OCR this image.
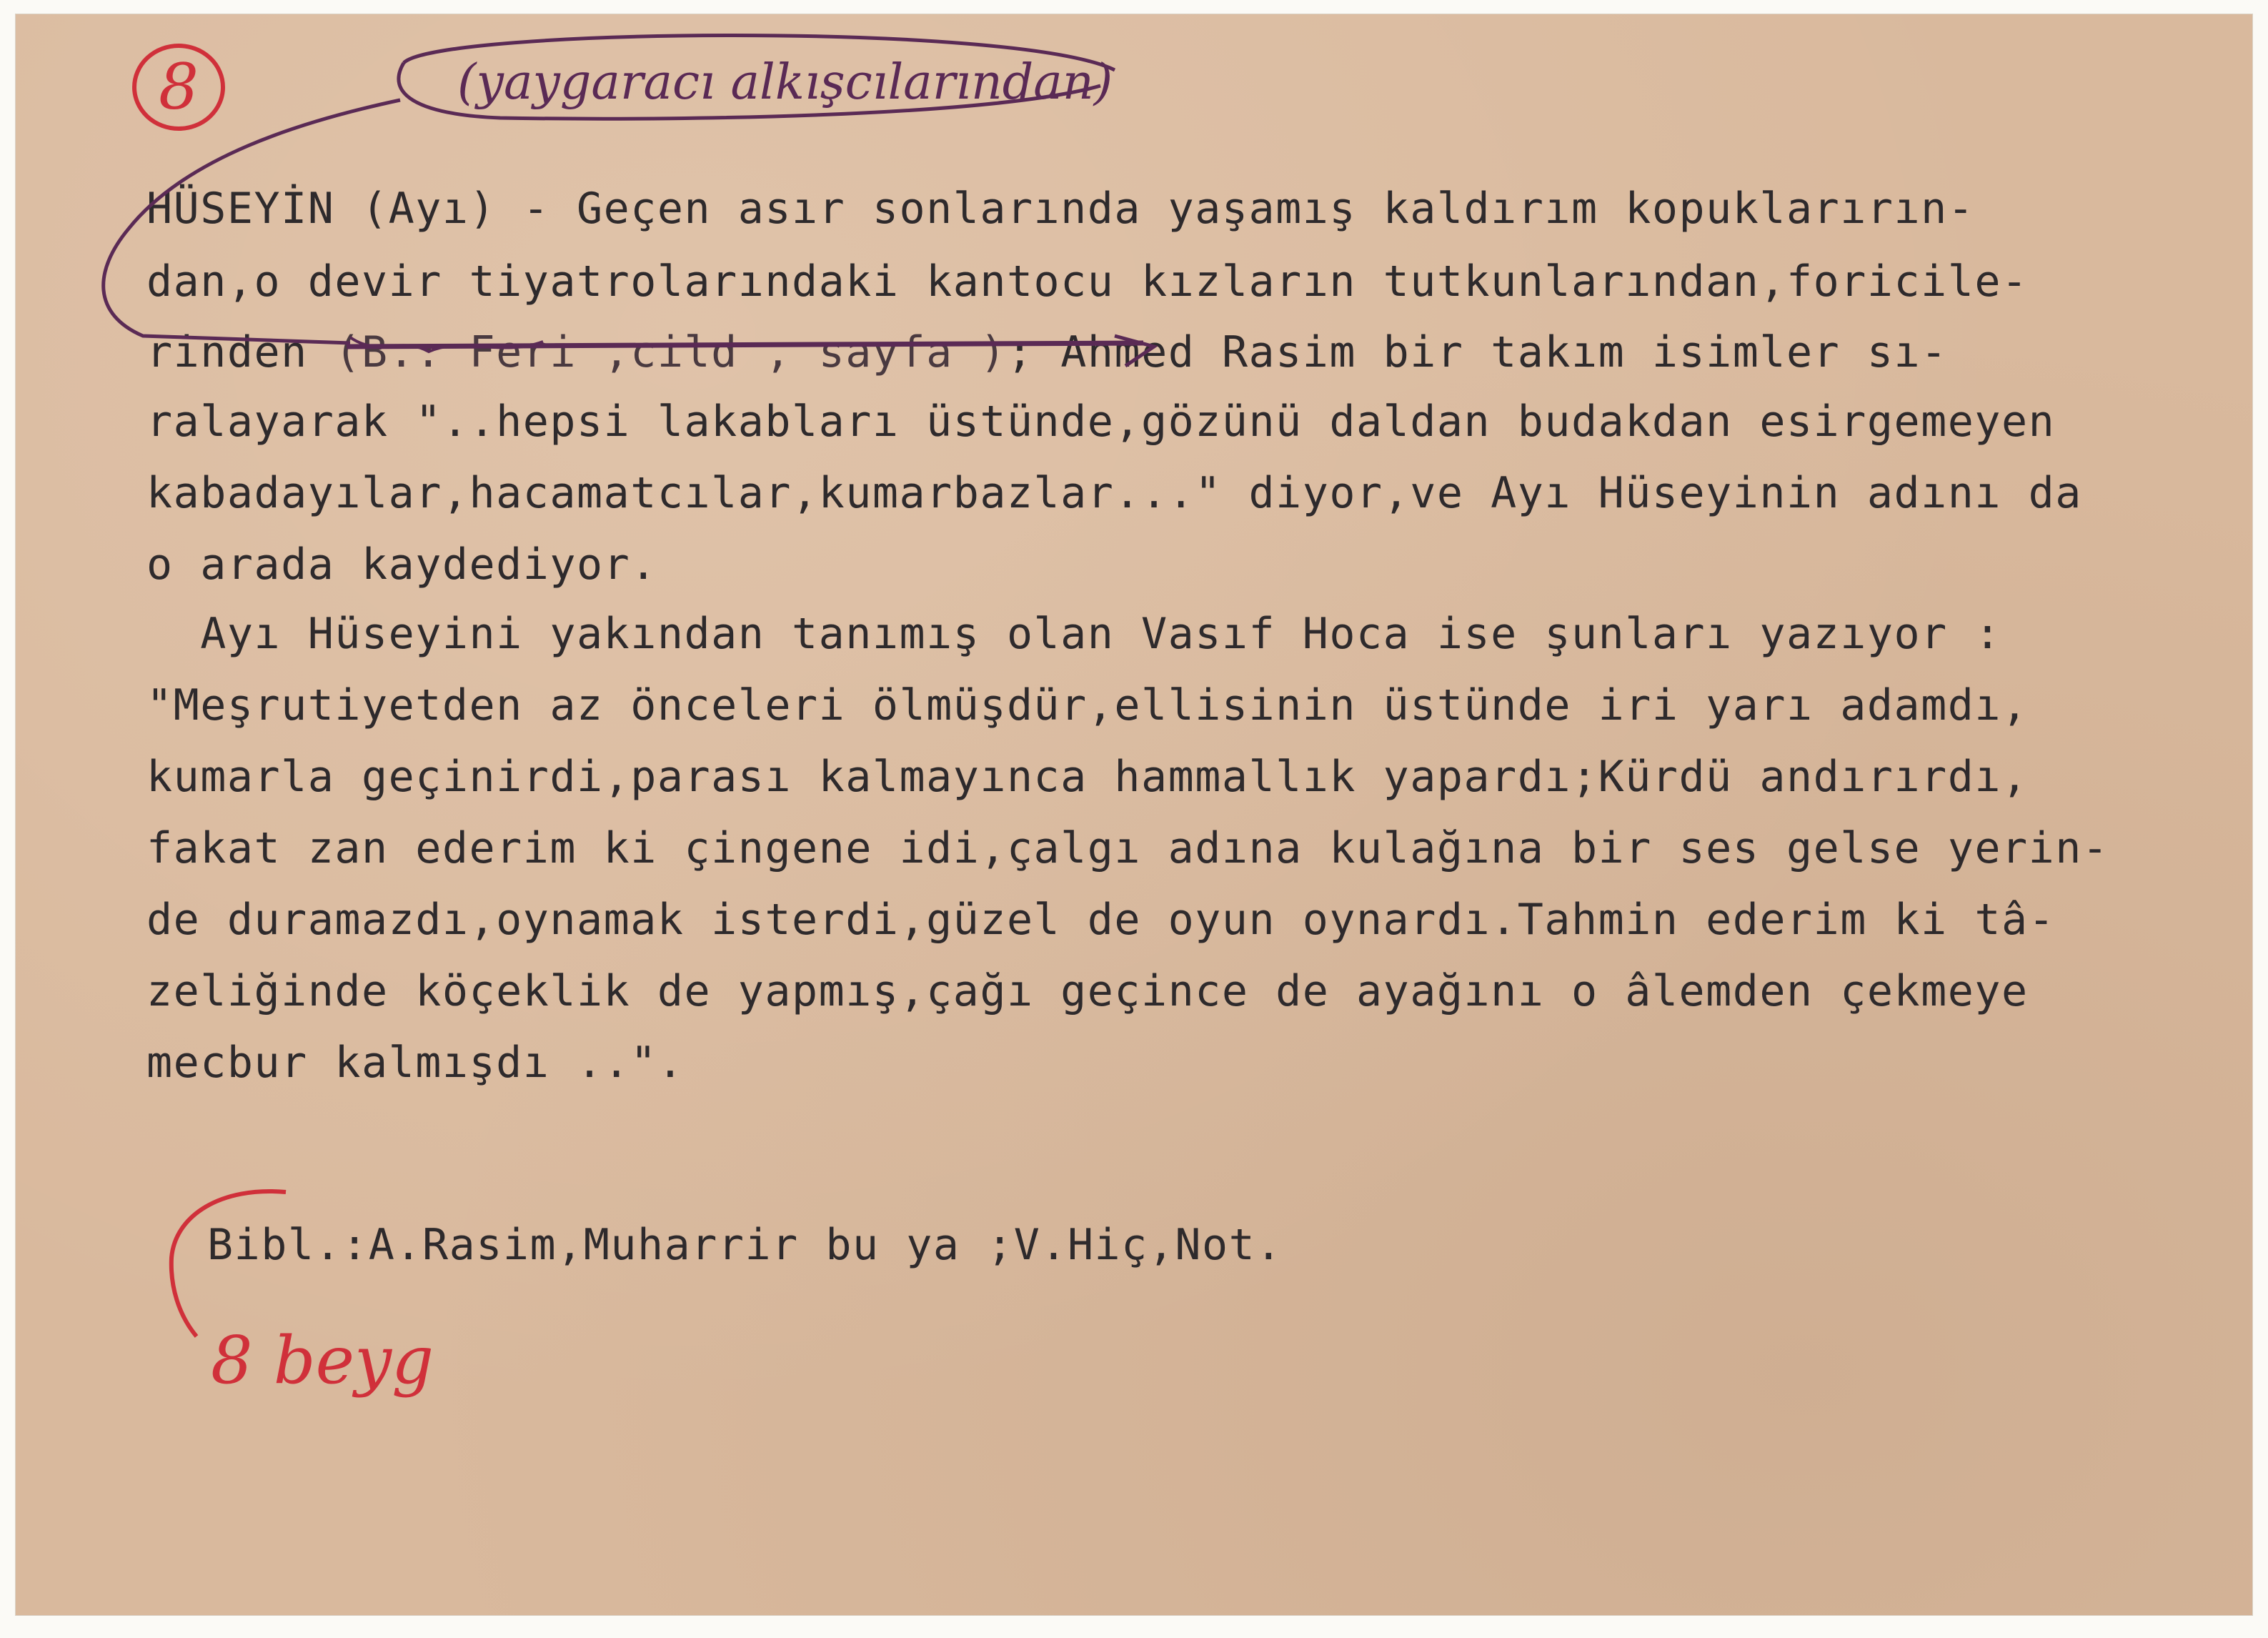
HÜSEYİN (Ayı) - Geçen asır sonlarında yaşamış kaldırım kopuklarırın-
dan,o devir tiyatrolarındaki kantocu kızların tutkunlarından,foricile-
rinden (B.: Feri ,cild , sayfa ); Ahmed Rasim bir takım isimler sı-
ralayarak "..hepsi lakabları üstünde,gözünü daldan budakdan esirgemeyen
kabadayılar,hacamatcılar,kumarbazlar..." diyor,ve Ayı Hüseyinin adını da
o arada kaydediyor.
Ayı Hüseyini yakından tanımış olan Vasıf Hoca ise şunları yazıyor :
"Meşrutiyetden az önceleri ölmüşdür,ellisinin üstünde iri yarı adamdı,
kumarla geçinirdi,parası kalmayınca hammallık yapardı;Kürdü andırırdı,
fakat zan ederim ki çingene idi,çalgı adına kulağına bir ses gelse yerin-
de duramazdı,oynamak isterdi,güzel de oyun oynardı.Tahmin ederim ki tâ-
zeliğinde köçeklik de yapmış,çağı geçince de ayağını o âlemden çekmeye
mecbur kalmışdı ..".
Bibl.:A.Rasim,Muharrir bu ya ;V.Hiç,Not.
8	(yaygaracı alkışcılarından)
8 beyg
